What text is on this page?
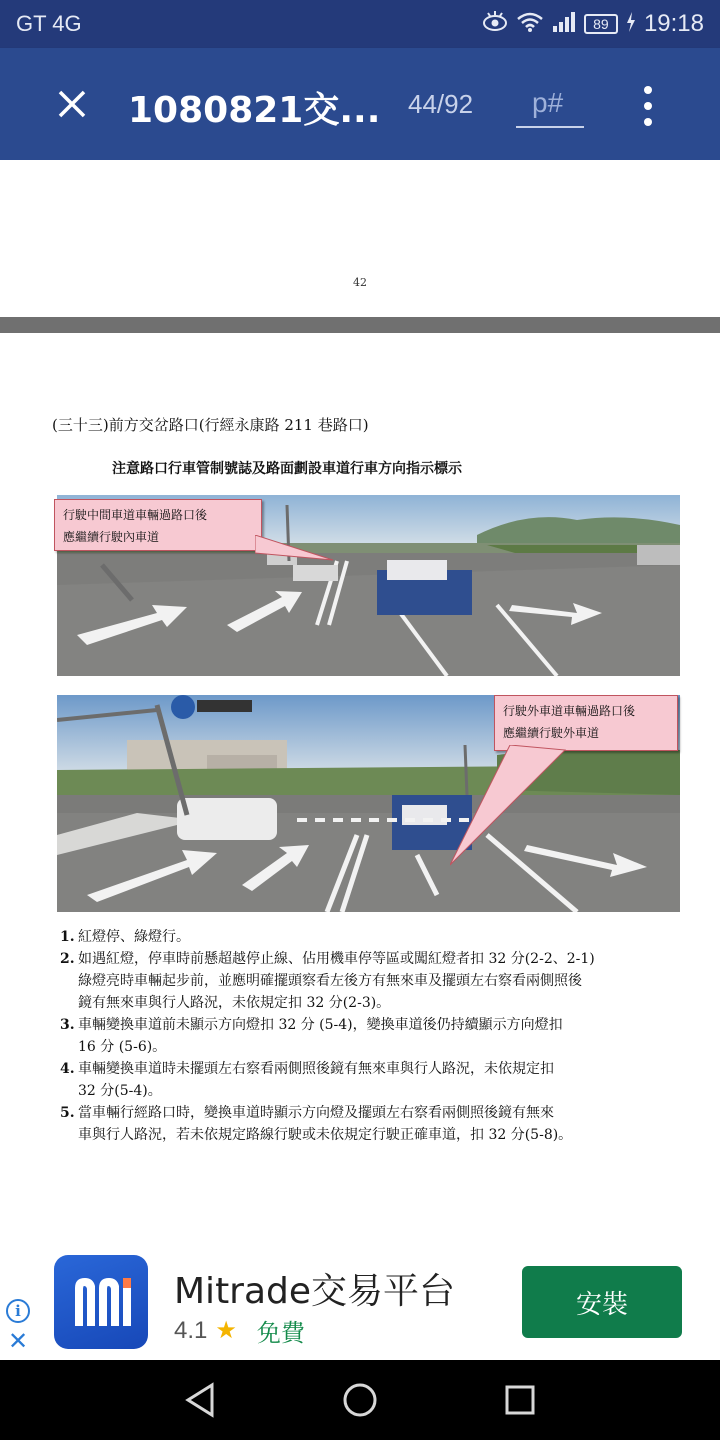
GT 4G	89	19:18
1080821交... 44/92	p#
42
(三十三)前方交岔路口(行經永康路 211 巷路口)
注意路口行車管制號誌及路面劃設車道行車方向指示標示
行駛中間車道車輛過路口後
應繼續行駛內車道
行駛外車道車輛過路口後
應繼續行駛外車道
1. 紅燈停、綠燈行。
2. 如遇紅燈，停車時前懸超越停止線、佔用機車停等區或闖紅燈者扣 32 分(2-2、2-1)
綠燈亮時車輛起步前，並應明確擺頭察看左後方有無來車及擺頭左右察看兩側照後
鏡有無來車與行人路況，未依規定扣 32 分(2-3)。
3. 車輛變換車道前未顯示方向燈扣 32 分 (5-4)，變換車道後仍持續顯示方向燈扣
16 分 (5-6)。
4. 車輛變換車道時未擺頭左右察看兩側照後鏡有無來車與行人路況，未依規定扣
32 分(5-4)。
5. 當車輛行經路口時，變換車道時顯示方向燈及擺頭左右察看兩側照後鏡有無來
車與行人路況，若未依規定路線行駛或未依規定行駛正確車道，扣 32 分(5-8)。
i
✕
Mitrade交易平台
4.1 ★ 免費
安裝
